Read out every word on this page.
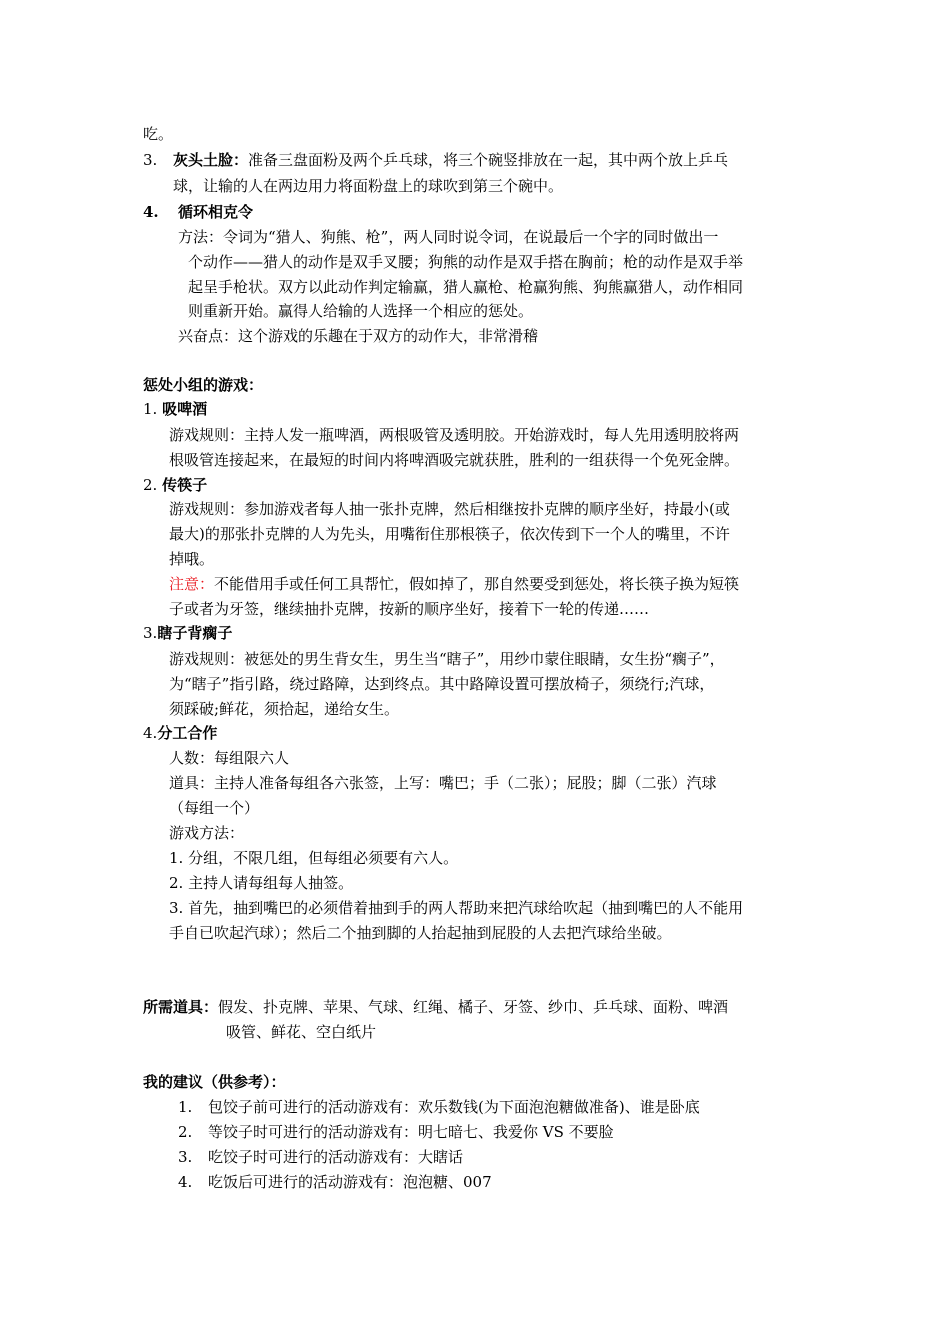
吃。
3. 灰头土脸：准备三盘面粉及两个乒乓球，将三个碗竖排放在一起，其中两个放上乒乓
球，让输的人在两边用力将面粉盘上的球吹到第三个碗中。
4. 循环相克令
方法：令词为“猎人、狗熊、枪”，两人同时说令词，在说最后一个字的同时做出一
个动作——猎人的动作是双手叉腰；狗熊的动作是双手搭在胸前；枪的动作是双手举
起呈手枪状。双方以此动作判定输赢，猎人赢枪、枪赢狗熊、狗熊赢猎人，动作相同
则重新开始。赢得人给输的人选择一个相应的惩处。
兴奋点：这个游戏的乐趣在于双方的动作大，非常滑稽
惩处小组的游戏：
1. 吸啤酒
游戏规则：主持人发一瓶啤酒，两根吸管及透明胶。开始游戏时，每人先用透明胶将两
根吸管连接起来，在最短的时间内将啤酒吸完就获胜，胜利的一组获得一个免死金牌。
2. 传筷子
游戏规则：参加游戏者每人抽一张扑克牌，然后相继按扑克牌的顺序坐好，持最小(或
最大)的那张扑克牌的人为先头，用嘴衔住那根筷子，依次传到下一个人的嘴里，不许
掉哦。
注意：不能借用手或任何工具帮忙，假如掉了，那自然要受到惩处，将长筷子换为短筷
子或者为牙签，继续抽扑克牌，按新的顺序坐好，接着下一轮的传递……
3.瞎子背瘸子
游戏规则：被惩处的男生背女生，男生当“瞎子”，用纱巾蒙住眼睛，女生扮“瘸子”，
为“瞎子”指引路，绕过路障，达到终点。其中路障设置可摆放椅子，须绕行;汽球，
须踩破;鲜花，须拾起，递给女生。
4.分工合作
人数：每组限六人
道具：主持人准备每组各六张签，上写：嘴巴；手（二张）；屁股；脚（二张）汽球
（每组一个）
游戏方法：
1. 分组，不限几组，但每组必须要有六人。
2. 主持人请每组每人抽签。
3. 首先，抽到嘴巴的必须借着抽到手的两人帮助来把汽球给吹起（抽到嘴巴的人不能用
手自已吹起汽球）；然后二个抽到脚的人抬起抽到屁股的人去把汽球给坐破。
所需道具：假发、扑克牌、苹果、气球、红绳、橘子、牙签、纱巾、乒乓球、面粉、啤酒
吸管、鲜花、空白纸片
我的建议（供参考）：
1. 包饺子前可进行的活动游戏有：欢乐数钱(为下面泡泡糖做准备)、谁是卧底
2. 等饺子时可进行的活动游戏有：明七暗七、我爱你 VS 不要脸
3. 吃饺子时可进行的活动游戏有：大瞎话
4. 吃饭后可进行的活动游戏有：泡泡糖、007
